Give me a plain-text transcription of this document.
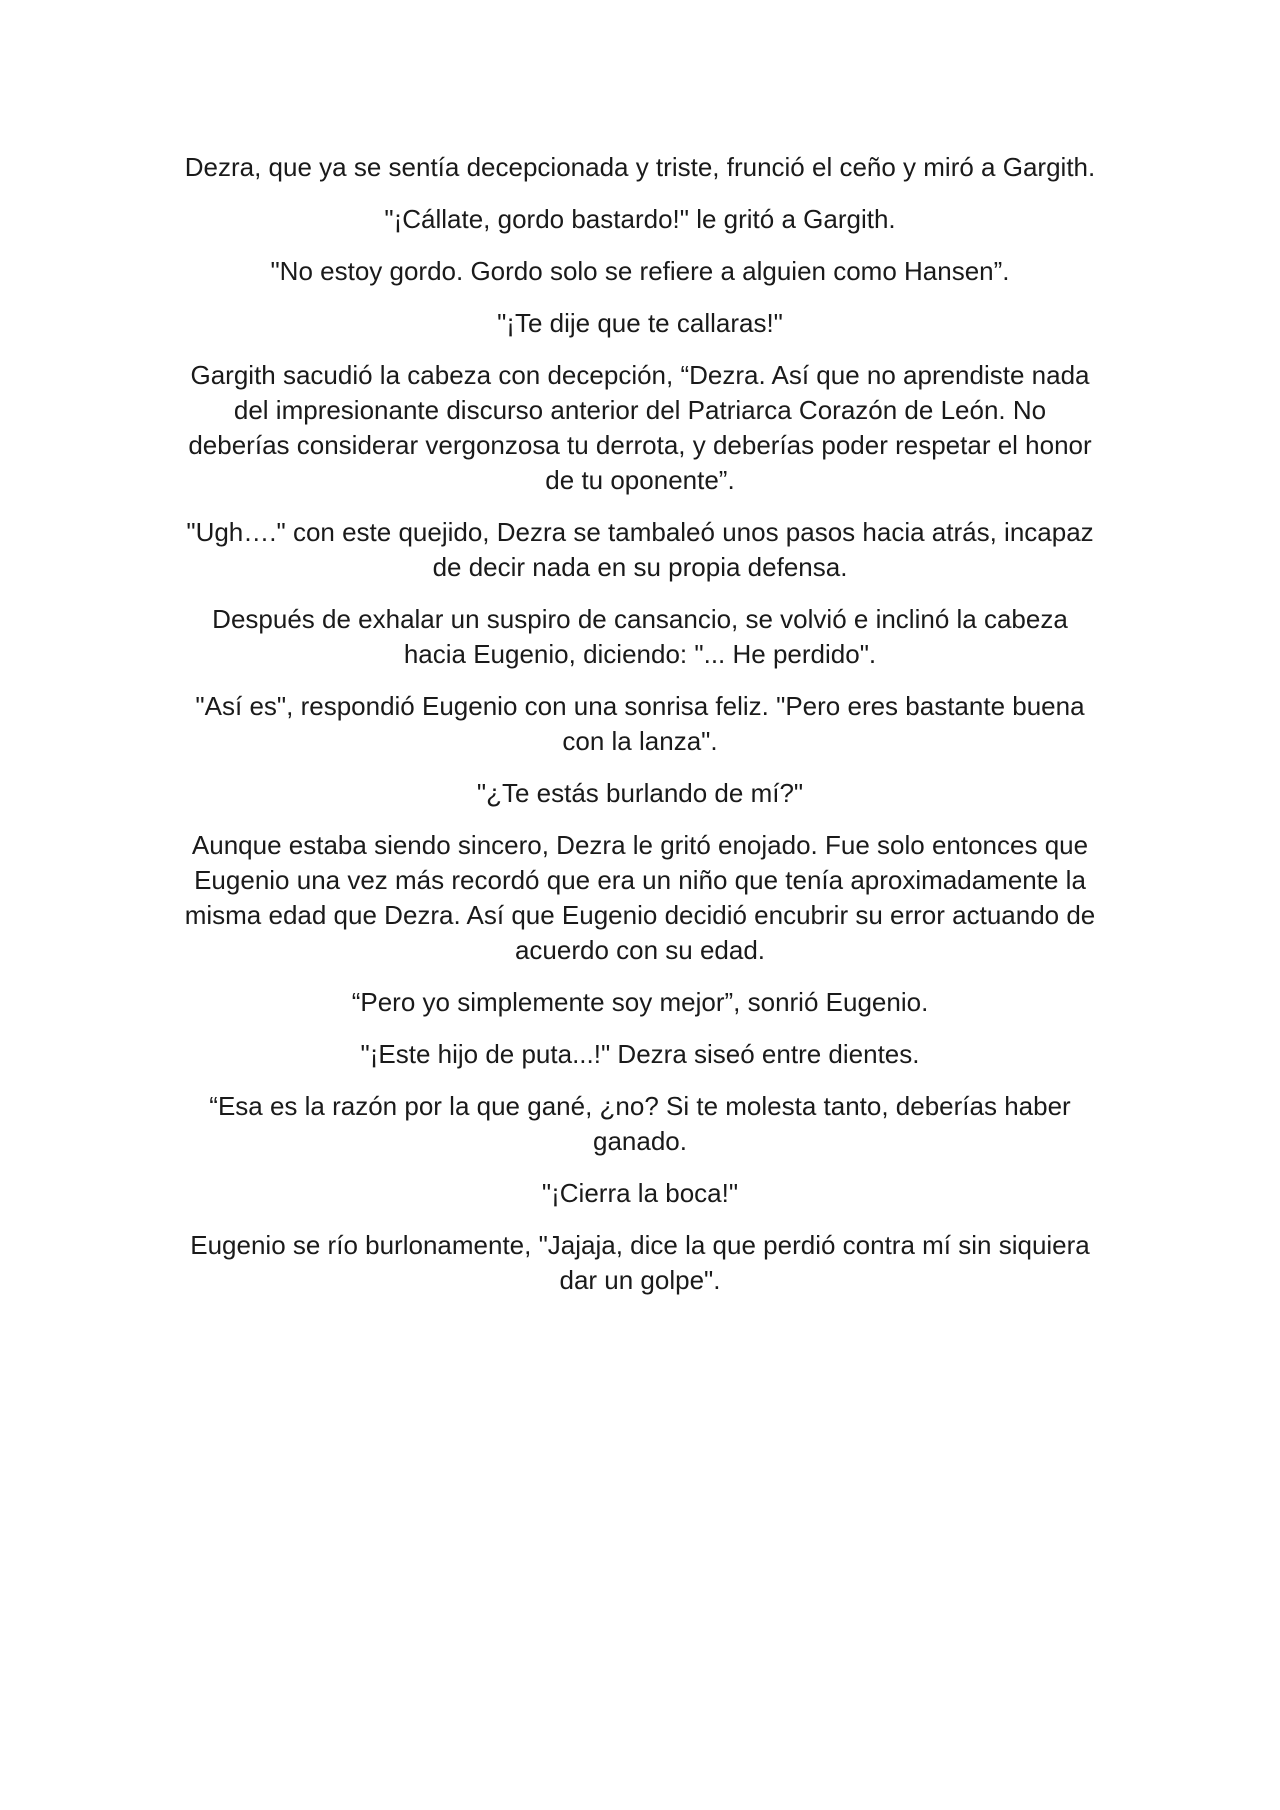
Dezra, que ya se sentía decepcionada y triste, frunció el ceño y miró a Gargith.

"¡Cállate, gordo bastardo!" le gritó a Gargith.

"No estoy gordo. Gordo solo se refiere a alguien como Hansen”.

"¡Te dije que te callaras!"

Gargith sacudió la cabeza con decepción, “Dezra. Así que no aprendiste nada del impresionante discurso anterior del Patriarca Corazón de León. No deberías considerar vergonzosa tu derrota, y deberías poder respetar el honor de tu oponente”.

"Ugh…." con este quejido, Dezra se tambaleó unos pasos hacia atrás, incapaz de decir nada en su propia defensa.

Después de exhalar un suspiro de cansancio, se volvió e inclinó la cabeza hacia Eugenio, diciendo: "... He perdido".

"Así es", respondió Eugenio con una sonrisa feliz. "Pero eres bastante buena con la lanza".

"¿Te estás burlando de mí?"

Aunque estaba siendo sincero, Dezra le gritó enojado. Fue solo entonces que Eugenio una vez más recordó que era un niño que tenía aproximadamente la misma edad que Dezra. Así que Eugenio decidió encubrir su error actuando de acuerdo con su edad.

“Pero yo simplemente soy mejor”, sonrió Eugenio.

"¡Este hijo de puta...!" Dezra siseó entre dientes.

“Esa es la razón por la que gané, ¿no? Si te molesta tanto, deberías haber ganado.

"¡Cierra la boca!"

Eugenio se río burlonamente, "Jajaja, dice la que perdió contra mí sin siquiera dar un golpe".
